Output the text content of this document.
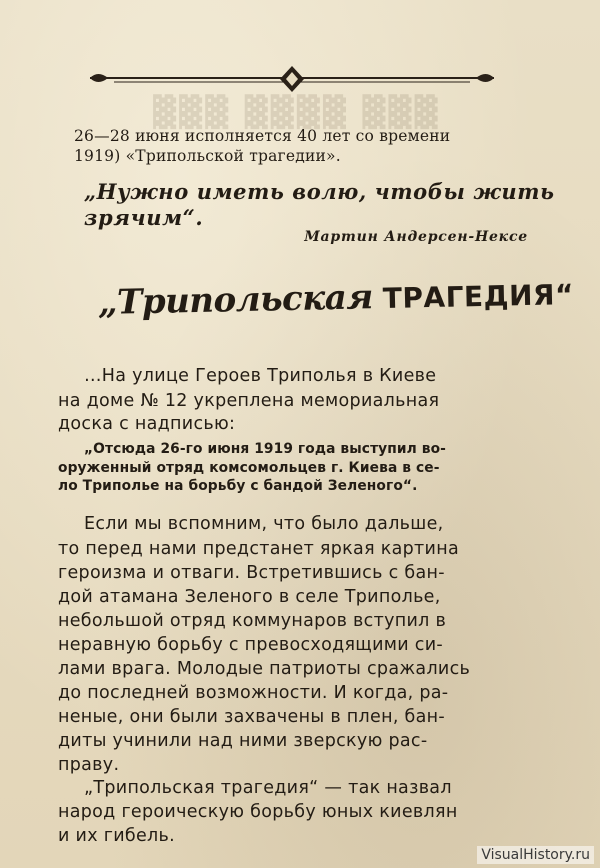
▓▓▓ ▓▓▓▓ ▓▓▓
26—28 июня исполняется 40 лет со времени
1919) «Трипольской трагедии».
„Нужно иметь волю, чтобы жить
зрячим“.
Мартин Андерсен-Нексе
„Трипольская ТРАГЕДИЯ“
…На улице Героев Триполья в Киеве
на доме № 12 укреплена мемориальная
доска с надписью:
„Отсюда 26-го июня 1919 года выступил во-
оруженный отряд комсомольцев г. Киева в се-
ло Триполье на борьбу с бандой Зеленого“.
Если мы вспомним, что было дальше,
то перед нами предстанет яркая картина
героизма и отваги. Встретившись с бан-
дой атамана Зеленого в селе Триполье,
небольшой отряд коммунаров вступил в
неравную борьбу с превосходящими си-
лами врага. Молодые патриоты сражались
до последней возможности. И когда, ра-
неные, они были захвачены в плен, бан-
диты учинили над ними зверскую рас-
праву.
„Трипольская трагедия“ — так назвал
народ героическую борьбу юных киевлян
и их гибель.
VisualHistory.ru
